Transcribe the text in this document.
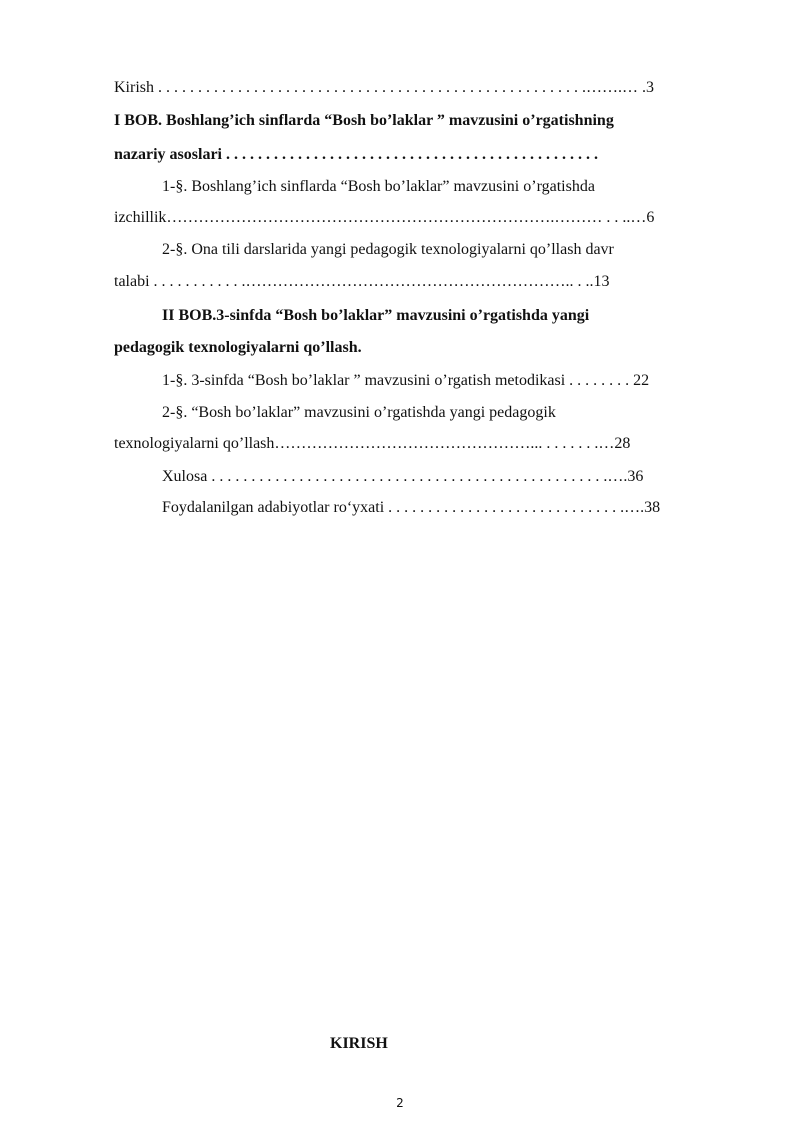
Kirish . . . . . . . . . . . . . . . . . . . . . . . . . . . . . . . . . . . . . . . . . . . . . . . . . . . . . .…….… .3
I BOB. Boshlang’ich sinflarda “Bosh bo’laklar ” mavzusini o’rgatishning
nazariy asoslari . . . . . . . . . . . . . . . . . . . . . . . . . . . . . . . . . . . . . . . . . . . . . . .
1-§. Boshlang’ich sinflarda “Bosh bo’laklar” mavzusini o’rgatishda
izchillik……………………………………………………………….……… . . ..…6
2-§. Ona tili darslarida yangi pedagogik texnologiyalarni qo’llash davr
talabi . . . . . . . . . . . .…………………………………………………….. . ..13
II BOB.3-sinfda “Bosh bo’laklar” mavzusini o’rgatishda yangi
pedagogik texnologiyalarni qo’llash.
1-§. 3-sinfda “Bosh bo’laklar ” mavzusini o’rgatish metodikasi . . . . . . . . 22
2-§. “Bosh bo’laklar” mavzusini o’rgatishda yangi pedagogik
texnologiyalarni qo’llash…………………………………………... . . . . . . .…28
Xulosa . . . . . . . . . . . . . . . . . . . . . . . . . . . . . . . . . . . . . . . . . . . . . . . . . .….36
Foydalanilgan adabiyotlar ro‘yxati . . . . . . . . . . . . . . . . . . . . . . . . . . . . . .….38
KIRISH
2
